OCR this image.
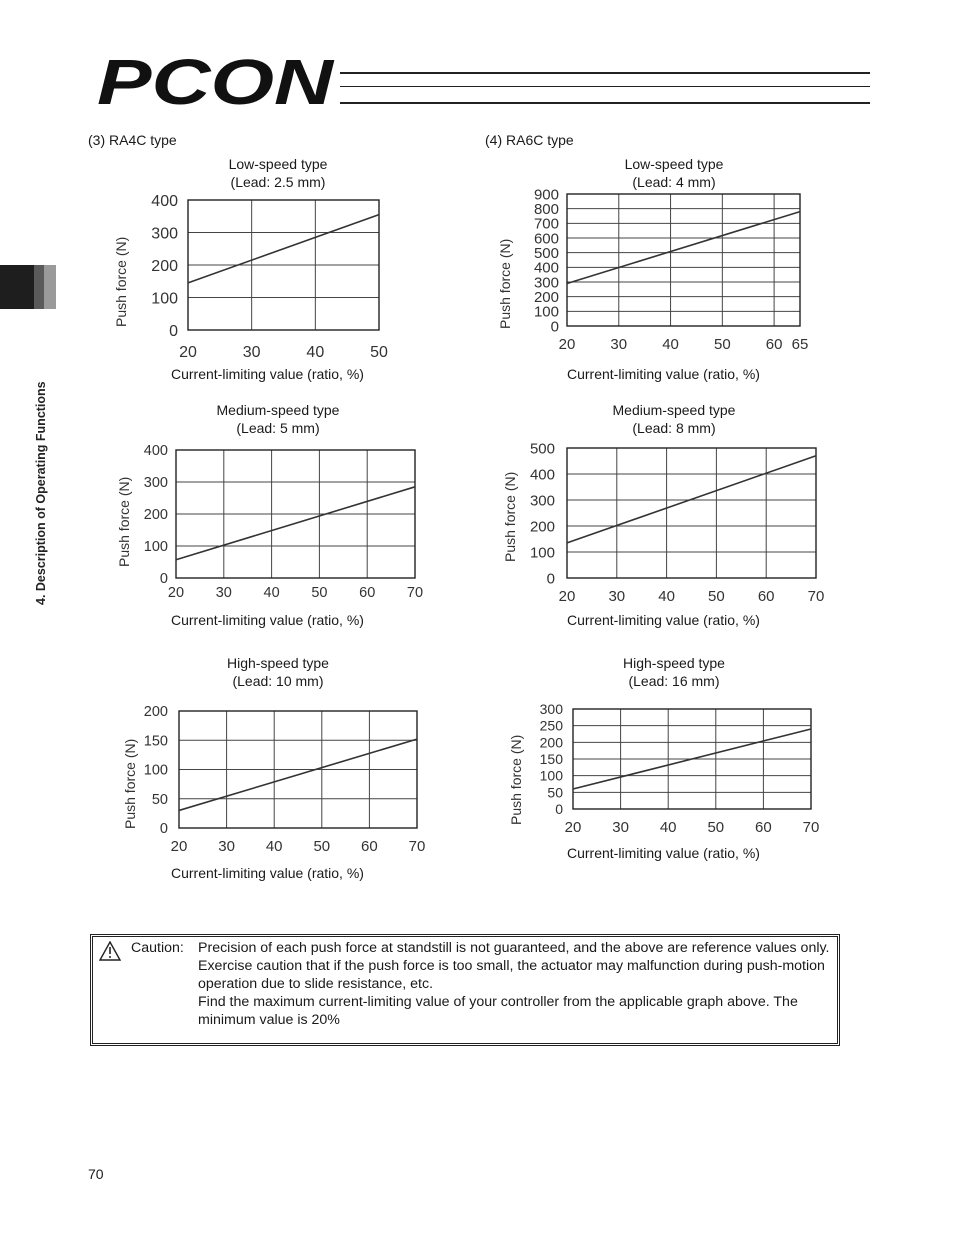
PCON
4. Description of Operating Functions
(3) RA4C type	(4) RA6C type
Low-speed type
(Lead: 2.5 mm)
Low-speed type
(Lead: 4 mm)
Medium-speed type
(Lead: 5 mm)
Medium-speed type
(Lead: 8 mm)
High-speed type
(Lead: 10 mm)
High-speed type
(Lead: 16 mm)
0
100
200
300
400
20	30	40	50
0
100
200
300
400
500
600
700
800
900
20 30 40 50 60 65
0
100
200
300
400
20 30 40 50 60 70
0
100
200
300
400
500
20 30 40 50 60 70
0
50
100
150
200
20 30 40 50 60 70
0
50
100
150
200
250
300
20 30 40 50 60 70
Push force (N)	Push force (N)
Push force (N)	Push force (N)
Push force (N)	Push force (N)
Current-limiting value (ratio, %)	Current-limiting value (ratio, %)
Current-limiting value (ratio, %)	Current-limiting value (ratio, %)
Current-limiting value (ratio, %)
Current-limiting value (ratio, %)
Caution: Precision of each push force at standstill is not guaranteed, and the above are reference values only.
Exercise caution that if the push force is too small, the actuator may malfunction during push-motion operation due to slide resistance, etc.
Find the maximum current-limiting value of your controller from the applicable graph above. The minimum value is 20%
70
